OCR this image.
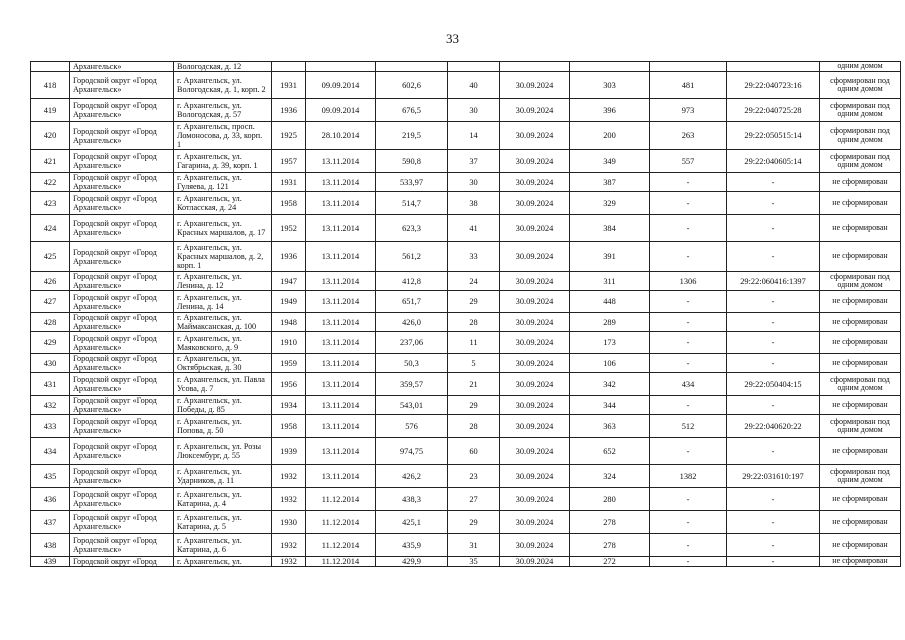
33
	Архангельск»	Вологодская, д. 12									одним домом
418	Городской округ «Город Архангельск»	г. Архангельск, ул. Вологодская, д. 1, корп. 2	1931	09.09.2014	602,6	40	30.09.2024	303	481	29:22:040723:16	сформирован под одним домом
419	Городской округ «Город Архангельск»	г. Архангельск, ул. Вологодская, д. 57	1936	09.09.2014	676,5	30	30.09.2024	396	973	29:22:040725:28	сформирован под одним домом
420	Городской округ «Город Архангельск»	г. Архангельск, просп. Ломоносова, д. 33, корп. 1	1925	28.10.2014	219,5	14	30.09.2024	200	263	29:22:050515:14	сформирован под одним домом
421	Городской округ «Город Архангельск»	г. Архангельск, ул. Гагарина, д. 39, корп. 1	1957	13.11.2014	590,8	37	30.09.2024	349	557	29:22:040605:14	сформирован под одним домом
422	Городской округ «Город Архангельск»	г. Архангельск, ул. Гуляева, д. 121	1931	13.11.2014	533,97	30	30.09.2024	387	-	-	не сформирован
423	Городской округ «Город Архангельск»	г. Архангельск, ул. Котласская, д. 24	1958	13.11.2014	514,7	38	30.09.2024	329	-	-	не сформирован
424	Городской округ «Город Архангельск»	г. Архангельск, ул. Красных маршалов, д. 17	1952	13.11.2014	623,3	41	30.09.2024	384	-	-	не сформирован
425	Городской округ «Город Архангельск»	г. Архангельск, ул. Красных маршалов, д. 2, корп. 1	1936	13.11.2014	561,2	33	30.09.2024	391	-	-	не сформирован
426	Городской округ «Город Архангельск»	г. Архангельск, ул. Ленина, д. 12	1947	13.11.2014	412,8	24	30.09.2024	311	1306	29:22:060416:1397	сформирован под одним домом
427	Городской округ «Город Архангельск»	г. Архангельск, ул. Ленина, д. 14	1949	13.11.2014	651,7	29	30.09.2024	448	-	-	не сформирован
428	Городской округ «Город Архангельск»	г. Архангельск, ул. Маймаксанская, д. 100	1948	13.11.2014	426,0	28	30.09.2024	289	-	-	не сформирован
429	Городской округ «Город Архангельск»	г. Архангельск, ул. Маяковского, д. 9	1910	13.11.2014	237,06	11	30.09.2024	173	-	-	не сформирован
430	Городской округ «Город Архангельск»	г. Архангельск, ул. Октябрьская, д. 30	1959	13.11.2014	50,3	5	30.09.2024	106	-	-	не сформирован
431	Городской округ «Город Архангельск»	г. Архангельск, ул. Павла Усова, д. 7	1956	13.11.2014	359,57	21	30.09.2024	342	434	29:22:050404:15	сформирован под одним домом
432	Городской округ «Город Архангельск»	г. Архангельск, ул. Победы, д. 85	1934	13.11.2014	543,01	29	30.09.2024	344	-	-	не сформирован
433	Городской округ «Город Архангельск»	г. Архангельск, ул. Попова, д. 50	1958	13.11.2014	576	28	30.09.2024	363	512	29:22:040620:22	сформирован под одним домом
434	Городской округ «Город Архангельск»	г. Архангельск, ул. Розы Люксембург, д. 55	1939	13.11.2014	974,75	60	30.09.2024	652	-	-	не сформирован
435	Городской округ «Город Архангельск»	г. Архангельск, ул. Ударников, д. 11	1932	13.11.2014	426,2	23	30.09.2024	324	1382	29:22:031610:197	сформирован под одним домом
436	Городской округ «Город Архангельск»	г. Архангельск, ул. Катарина, д. 4	1932	11.12.2014	438,3	27	30.09.2024	280	-	-	не сформирован
437	Городской округ «Город Архангельск»	г. Архангельск, ул. Катарина, д. 5	1930	11.12.2014	425,1	29	30.09.2024	278	-	-	не сформирован
438	Городской округ «Город Архангельск»	г. Архангельск, ул. Катарина, д. 6	1932	11.12.2014	435,9	31	30.09.2024	278	-	-	не сформирован
439	Городской округ «Город	г. Архангельск, ул.	1932	11.12.2014	429,9	35	30.09.2024	272	-	-	не сформирован
